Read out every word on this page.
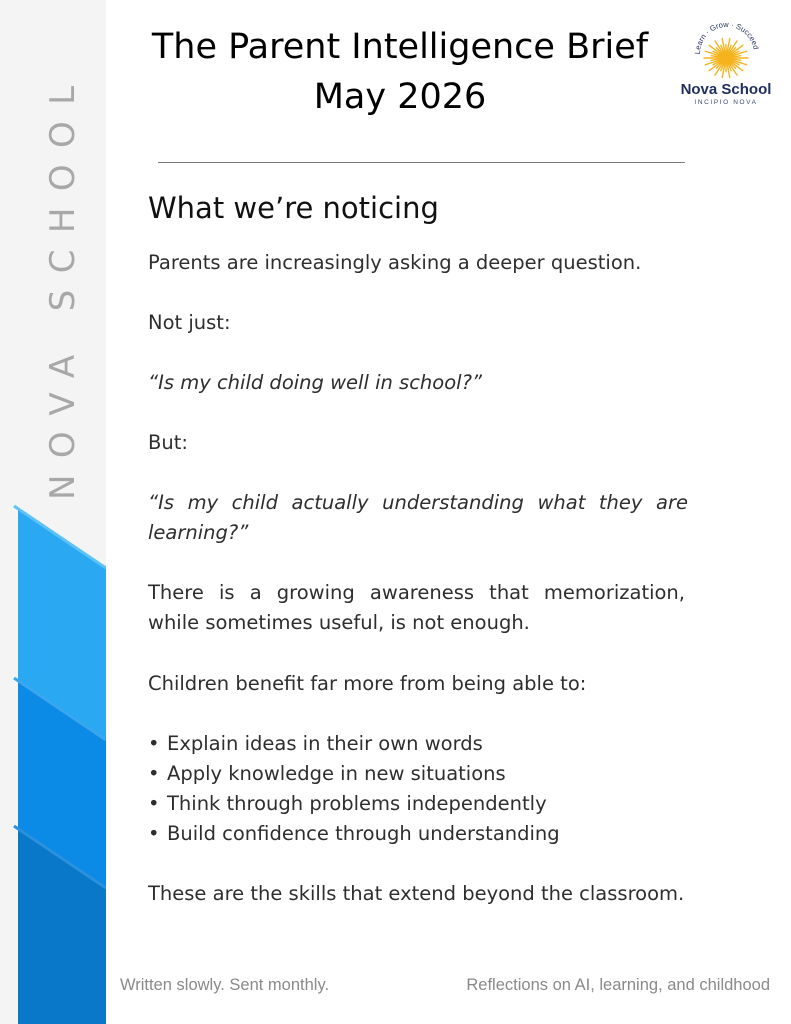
NOVA SCHOOL
The Parent Intelligence Brief
May 2026
Learn · Grow · Succeed
Nova School
INCIPIO NOVA
What we’re noticing

Parents are increasingly asking a deeper question.

Not just:

“Is my child doing well in school?”

But:

“Is my child actually understanding what they are learning?”

There is a growing awareness that memorization, while sometimes useful, is not enough.

Children benefit far more from being able to:

• Explain ideas in their own words
• Apply knowledge in new situations
• Think through problems independently
• Build confidence through understanding

These are the skills that extend beyond the classroom.

Written slowly. Sent monthly.	Reflections on AI, learning, and childhood
